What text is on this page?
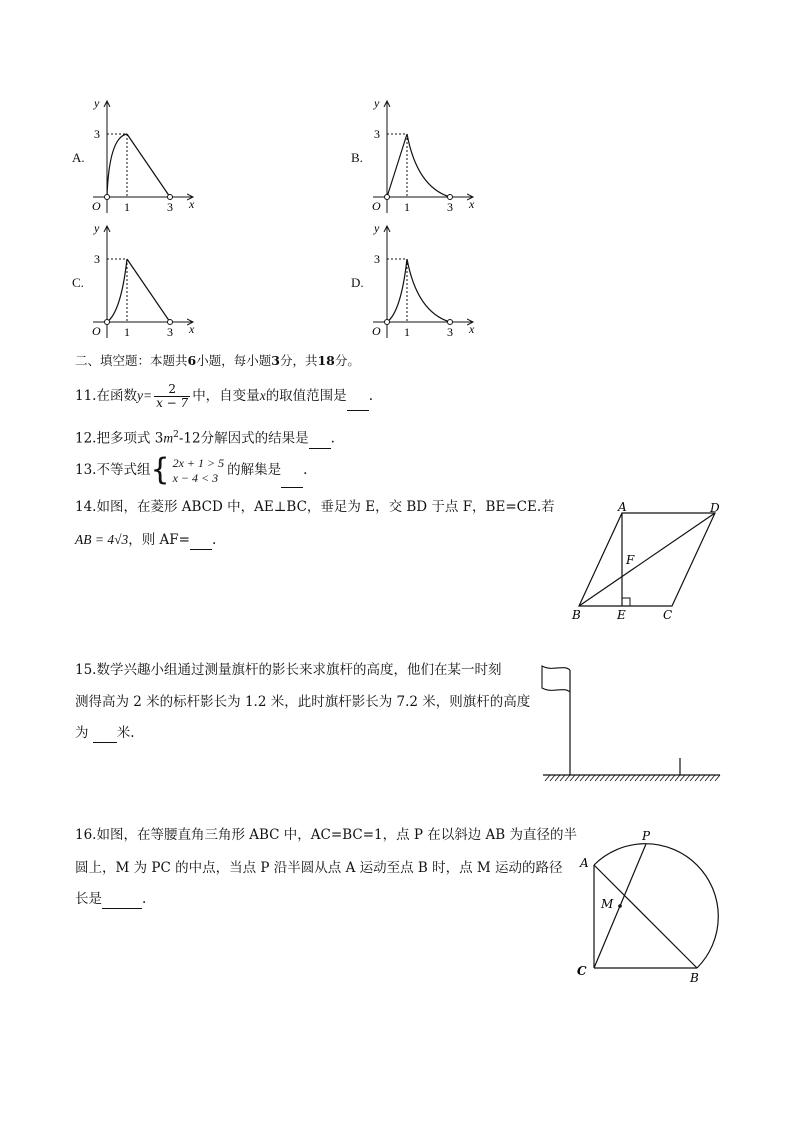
A.
y
x
O 1	3
3
B.
y
x
O 1	3
3
C.
y
x
O 1	3
3
D.
y
x
O 1	3
3
二、填空题：本题共6小题，每小题3分，共18分。
11.在函数$y= \frac{2}{x - 7}$ 中，自变量x的取值范围是 .
12.把多项式 $3m^2-12$分解因式的结果是 .
13.不等式组{ 2x + 1 > 5
x − 4 < 3 的解集是 .
14.如图，在菱形 ABCD 中，AE⊥BC，垂足为 E，交 BD 于点 F，BE=CE.若
AB = 4√3，则 AF= .
A	D
F
B	E	C
15.数学兴趣小组通过测量旗杆的影长来求旗杆的高度，他们在某一时刻
测得高为 2 米的标杆影长为 1.2 米，此时旗杆影长为 7.2 米，则旗杆的高度
为 米.
16.如图，在等腰直角三角形 ABC 中，AC=BC=1，点 P 在以斜边 AB 为直径的半
圆上，M 为 PC 的中点，当点 P 沿半圆从点 A 运动至点 B 时，点 M 运动的路径
长是	.
P
A
M
C	B
